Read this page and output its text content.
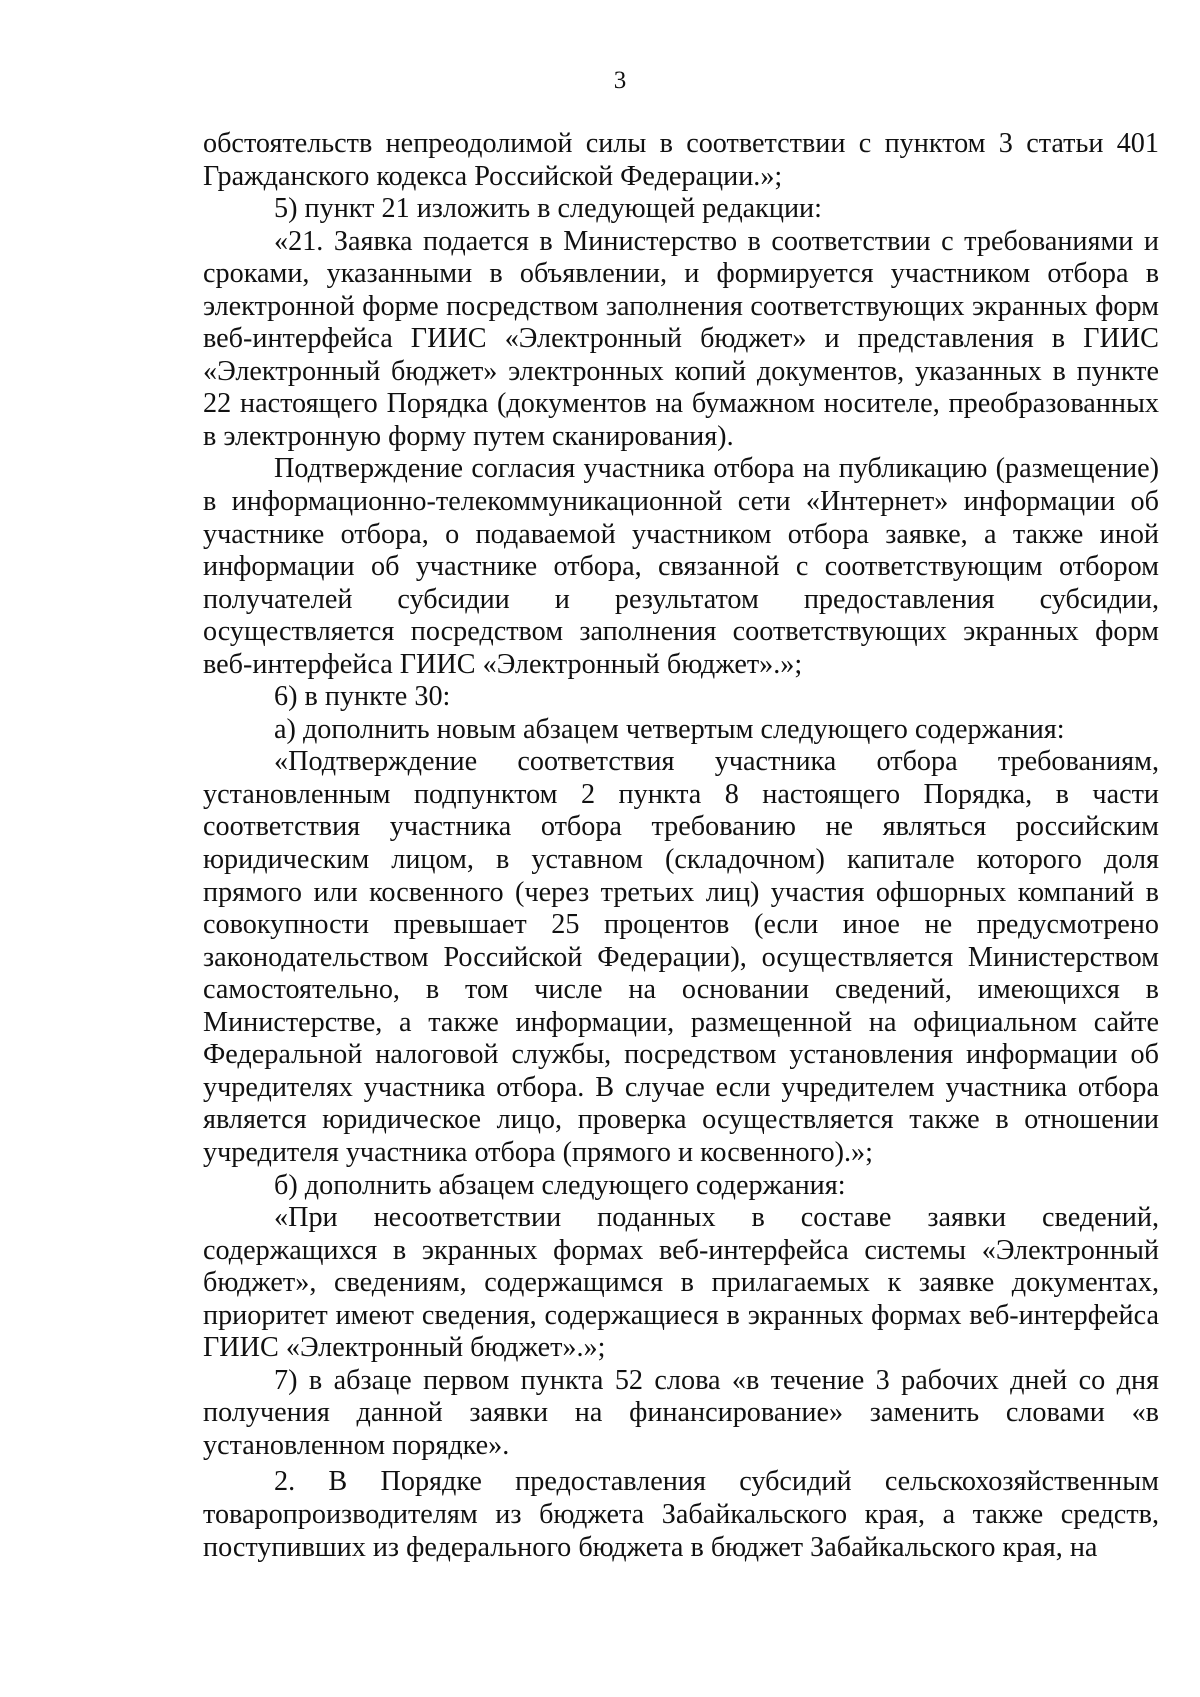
3

обстоятельств непреодолимой силы в соответствии с пунктом 3 статьи 401 Гражданского кодекса Российской Федерации.»;

5) пункт 21 изложить в следующей редакции:

«21. Заявка подается в Министерство в соответствии с требованиями и сроками, указанными в объявлении, и формируется участником отбора в электронной форме посредством заполнения соответствующих экранных форм веб-интерфейса ГИИС «Электронный бюджет» и представления в ГИИС «Электронный бюджет» электронных копий документов, указанных в пункте 22 настоящего Порядка (документов на бумажном носителе, преобразованных в электронную форму путем сканирования).

Подтверждение согласия участника отбора на публикацию (размещение) в информационно-телекоммуникационной сети «Интернет» информации об участнике отбора, о подаваемой участником отбора заявке, а также иной информации об участнике отбора, связанной с соответствующим отбором получателей субсидии и результатом предоставления субсидии, осуществляется посредством заполнения соответствующих экранных форм веб-интерфейса ГИИС «Электронный бюджет».»;

6) в пункте 30:

а) дополнить новым абзацем четвертым следующего содержания:

«Подтверждение соответствия участника отбора требованиям, установленным подпунктом 2 пункта 8 настоящего Порядка, в части соответствия участника отбора требованию не являться российским юридическим лицом, в уставном (складочном) капитале которого доля прямого или косвенного (через третьих лиц) участия офшорных компаний в совокупности превышает 25 процентов (если иное не предусмотрено законодательством Российской Федерации), осуществляется Министерством самостоятельно, в том числе на основании сведений, имеющихся в Министерстве, а также информации, размещенной на официальном сайте Федеральной налоговой службы, посредством установления информации об учредителях участника отбора. В случае если учредителем участника отбора является юридическое лицо, проверка осуществляется также в отношении учредителя участника отбора (прямого и косвенного).»;

б) дополнить абзацем следующего содержания:

«При несоответствии поданных в составе заявки сведений, содержащихся в экранных формах веб-интерфейса системы «Электронный бюджет», сведениям, содержащимся в прилагаемых к заявке документах, приоритет имеют сведения, содержащиеся в экранных формах веб-интерфейса ГИИС «Электронный бюджет».»;

7) в абзаце первом пункта 52 слова «в течение 3 рабочих дней со дня получения данной заявки на финансирование» заменить словами «в установленном порядке».

2. В Порядке предоставления субсидий сельскохозяйственным товаропроизводителям из бюджета Забайкальского края, а также средств, поступивших из федерального бюджета в бюджет Забайкальского края, на
